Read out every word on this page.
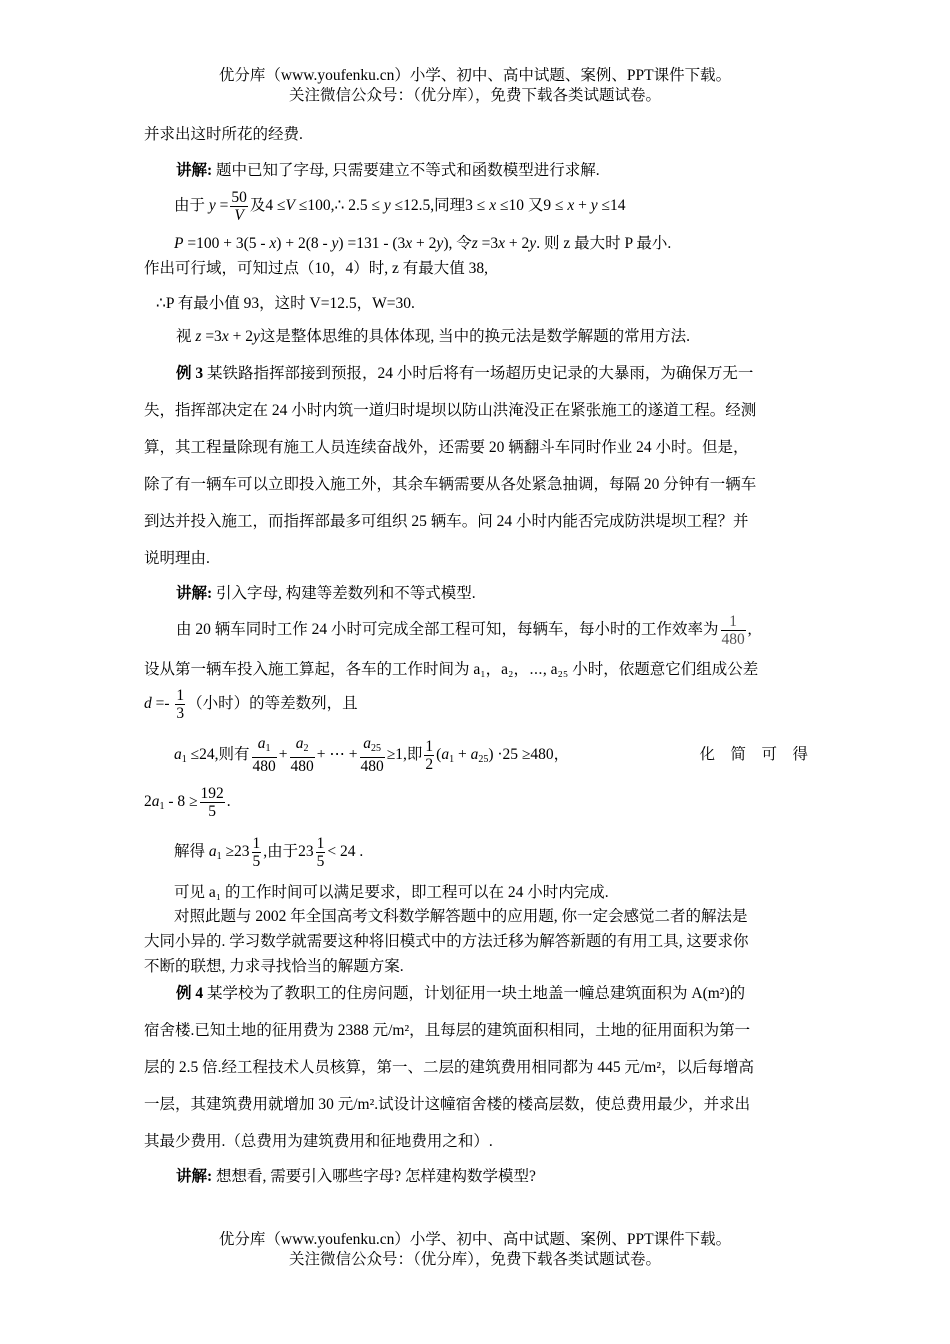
优分库（www.youfenku.cn）小学、初中、高中试题、案例、PPT课件下载。
关注微信公众号：（优分库），免费下载各类试题试卷。
并求出这时所花的经费.
讲解: 题中已知了字母, 只需要建立不等式和函数模型进行求解.
由于 $y = \frac{50}{V}$ 及4 ≤V ≤100,∴ 2.5 ≤ y ≤12.5,同理3 ≤ x ≤10 又9 ≤ x + y ≤14
P =100 + 3(5 - x) + 2(8 - y) =131 - (3x + 2y), 令z =3x + 2y. 则 z 最大时 P 最小.
作出可行域，可知过点（10，4）时, z 有最大值 38,
∴P 有最小值 93，这时 V=12.5，W=30.
视 z =3x + 2y这是整体思维的具体体现, 当中的换元法是数学解题的常用方法.
例 3 某铁路指挥部接到预报，24 小时后将有一场超历史记录的大暴雨，为确保万无一
失，指挥部决定在 24 小时内筑一道归时堤坝以防山洪淹没正在紧张施工的遂道工程。经测
算，其工程量除现有施工人员连续奋战外，还需要 20 辆翻斗车同时作业 24 小时。但是，
除了有一辆车可以立即投入施工外，其余车辆需要从各处紧急抽调，每隔 20 分钟有一辆车
到达并投入施工，而指挥部最多可组织 25 辆车。问 24 小时内能否完成防洪堤坝工程？并
说明理由.
讲解: 引入字母, 构建等差数列和不等式模型.
由 20 辆车同时工作 24 小时可完成全部工程可知，每辆车，每小时的工作效率为 $\frac{1}{480}$ ,
设从第一辆车投入施工算起，各车的工作时间为 a₁，a₂，⋯, a₂₅ 小时，依题意它们组成公差
$d =- \frac{1}{3}$ （小时）的等差数列，且
$a_1 \le 24$,则有 $\frac{a_1}{480} + \frac{a_2}{480}$ + ⋯ + $\frac{a_{25}}{480} \ge 1$,即 $\frac{1}{2} (a_1 + a_{25}) \cdot 25 \ge 480$，	化　简　可　得
$2a_1 - 8 \ge \frac{192}{5}$ .
解得 $a_1 \ge 23 \frac{1}{5}$ ,由于$23 \frac{1}{5} < 24$ .
可见 a₁ 的工作时间可以满足要求，即工程可以在 24 小时内完成.
对照此题与 2002 年全国高考文科数学解答题中的应用题, 你一定会感觉二者的解法是
大同小异的. 学习数学就需要这种将旧模式中的方法迁移为解答新题的有用工具, 这要求你
不断的联想, 力求寻找恰当的解题方案.
例 4 某学校为了教职工的住房问题，计划征用一块土地盖一幢总建筑面积为 A(m²)的
宿舍楼.已知土地的征用费为 2388 元/m²，且每层的建筑面积相同，土地的征用面积为第一
层的 2.5 倍.经工程技术人员核算，第一、二层的建筑费用相同都为 445 元/m²，以后每增高
一层，其建筑费用就增加 30 元/m².试设计这幢宿舍楼的楼高层数，使总费用最少，并求出
其最少费用.（总费用为建筑费用和征地费用之和）.
讲解: 想想看, 需要引入哪些字母? 怎样建构数学模型?
优分库（www.youfenku.cn）小学、初中、高中试题、案例、PPT课件下载。
关注微信公众号：（优分库），免费下载各类试题试卷。
